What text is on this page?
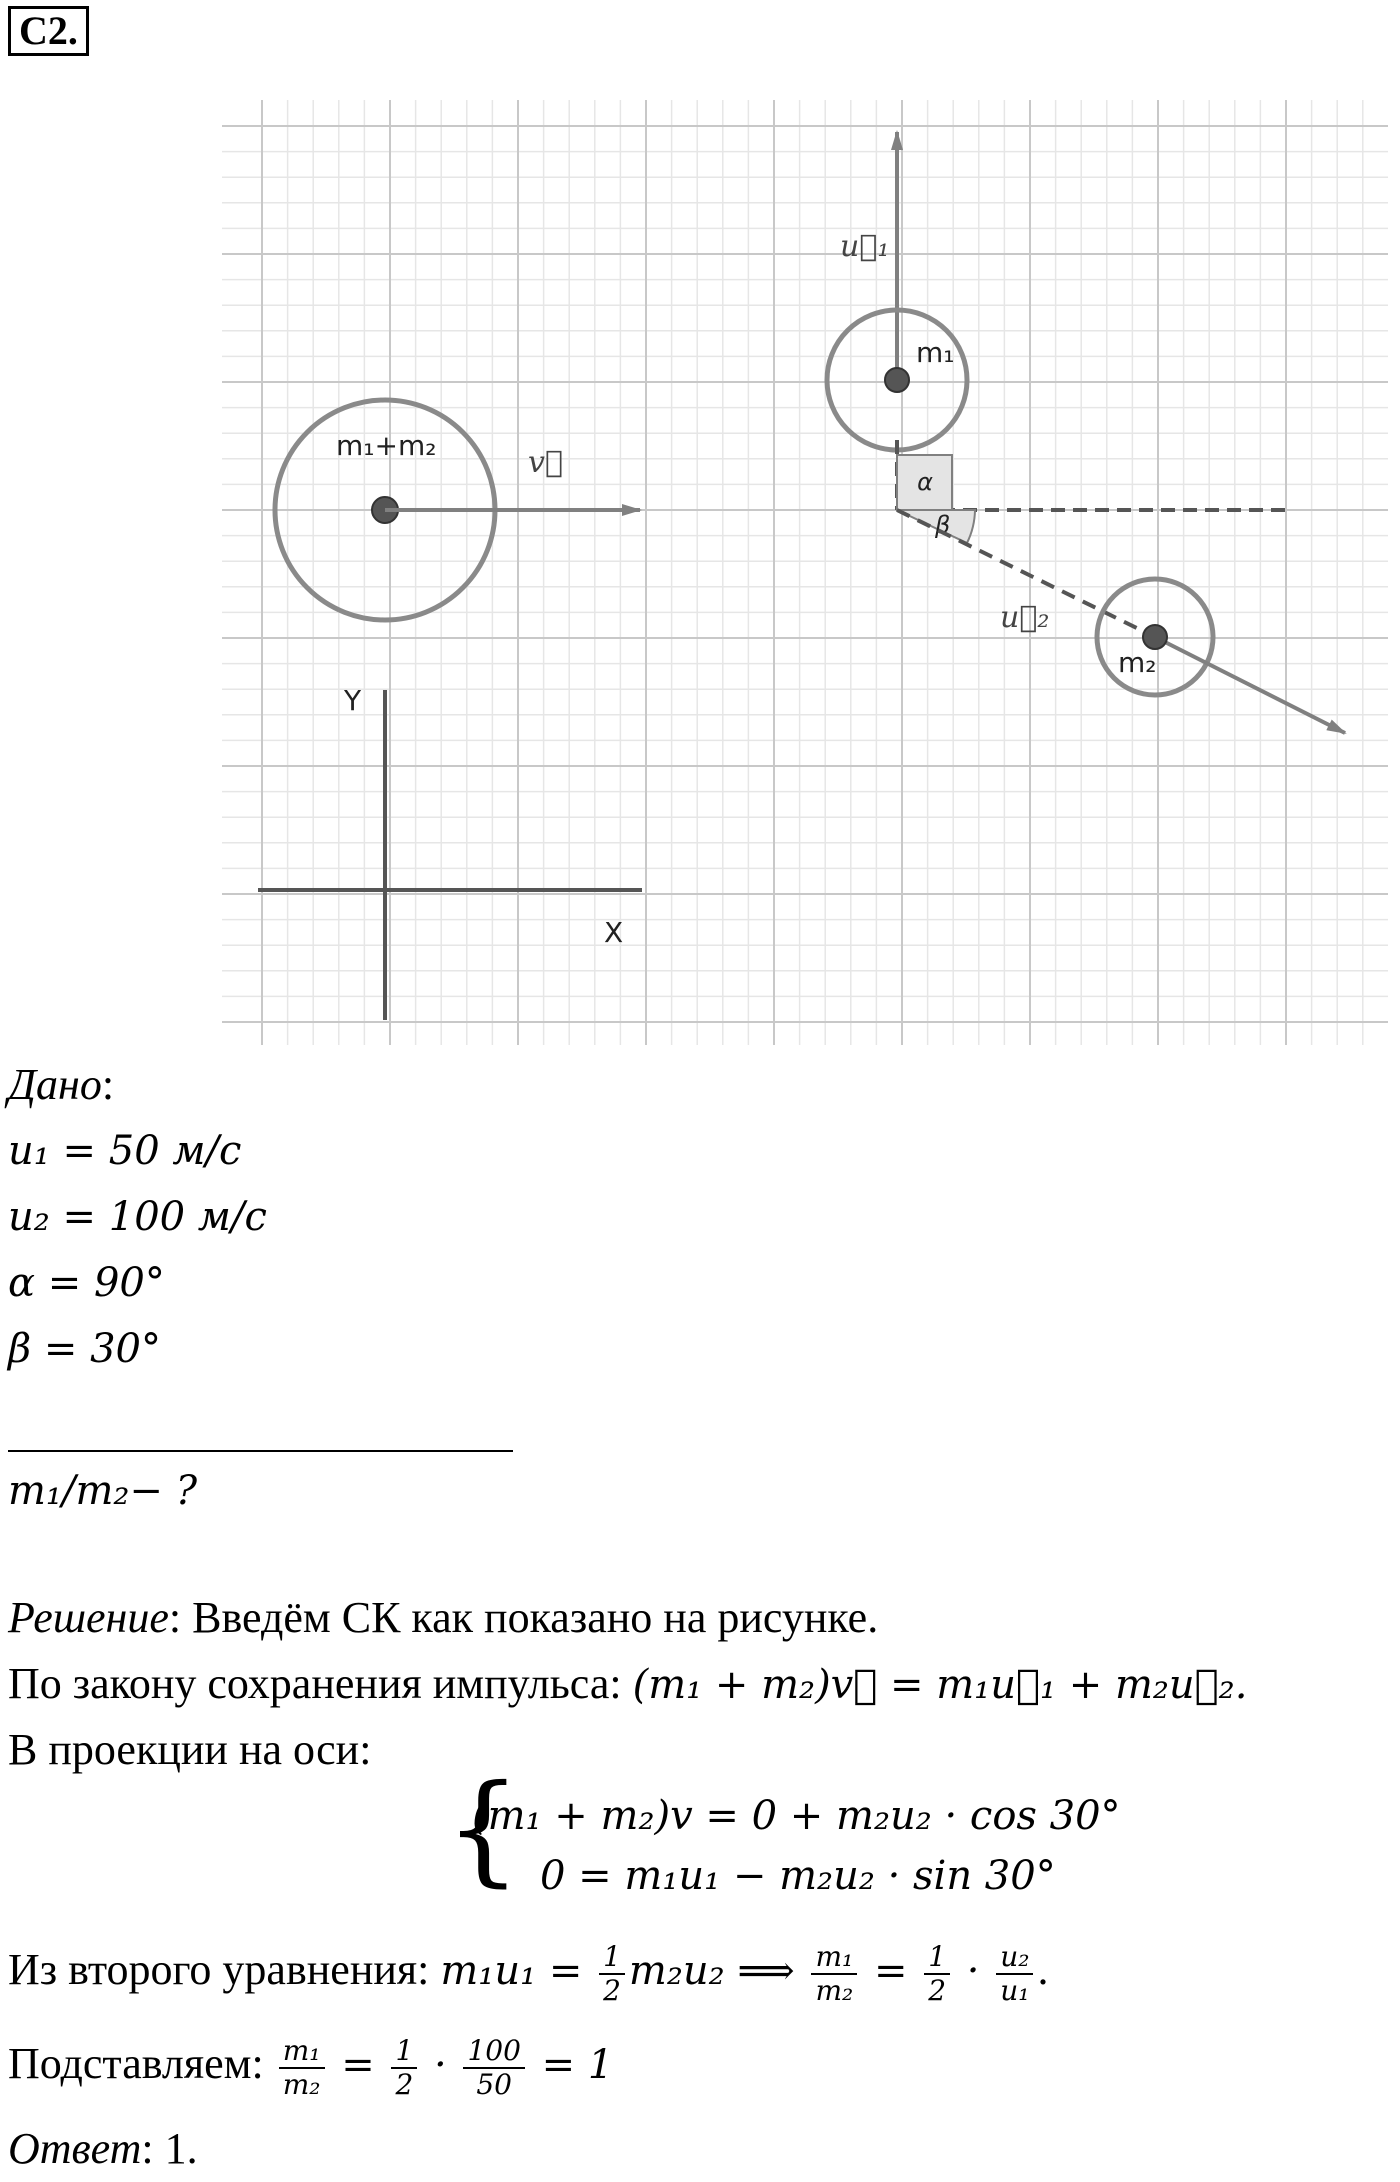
C2.
m₁+m₂	v⃗
Y
X
u⃗₁
m₁
α
β
u⃗₂
m₂
Дано:
u₁ = 50 м/с
u₂ = 100 м/с
α = 90°
β = 30°
m₁/m₂− ?
Решение: Введём СК как показано на рисунке.
По закону сохранения импульса: (m₁ + m₂)v⃗ = m₁u⃗₁ + m₂u⃗₂.
В проекции на оси:
{
(m₁ + m₂)v = 0 + m₂u₂ · cos 30°
0 = m₁u₁ − m₂u₂ · sin 30°
Из второго уравнения: $m_1u_1 = \frac{1}{2} m_2u_2$ ⟹ $\frac{\text{m₁}}{\text{m₂}} = \frac{1}{2} \cdot \frac{\text{u₂}}{\text{u₁}}$ .
Подставляем: $\frac{\text{m₁}}{\text{m₂}} = \frac{1}{2} \cdot \frac{100}{50} = 1$
Ответ: 1.
